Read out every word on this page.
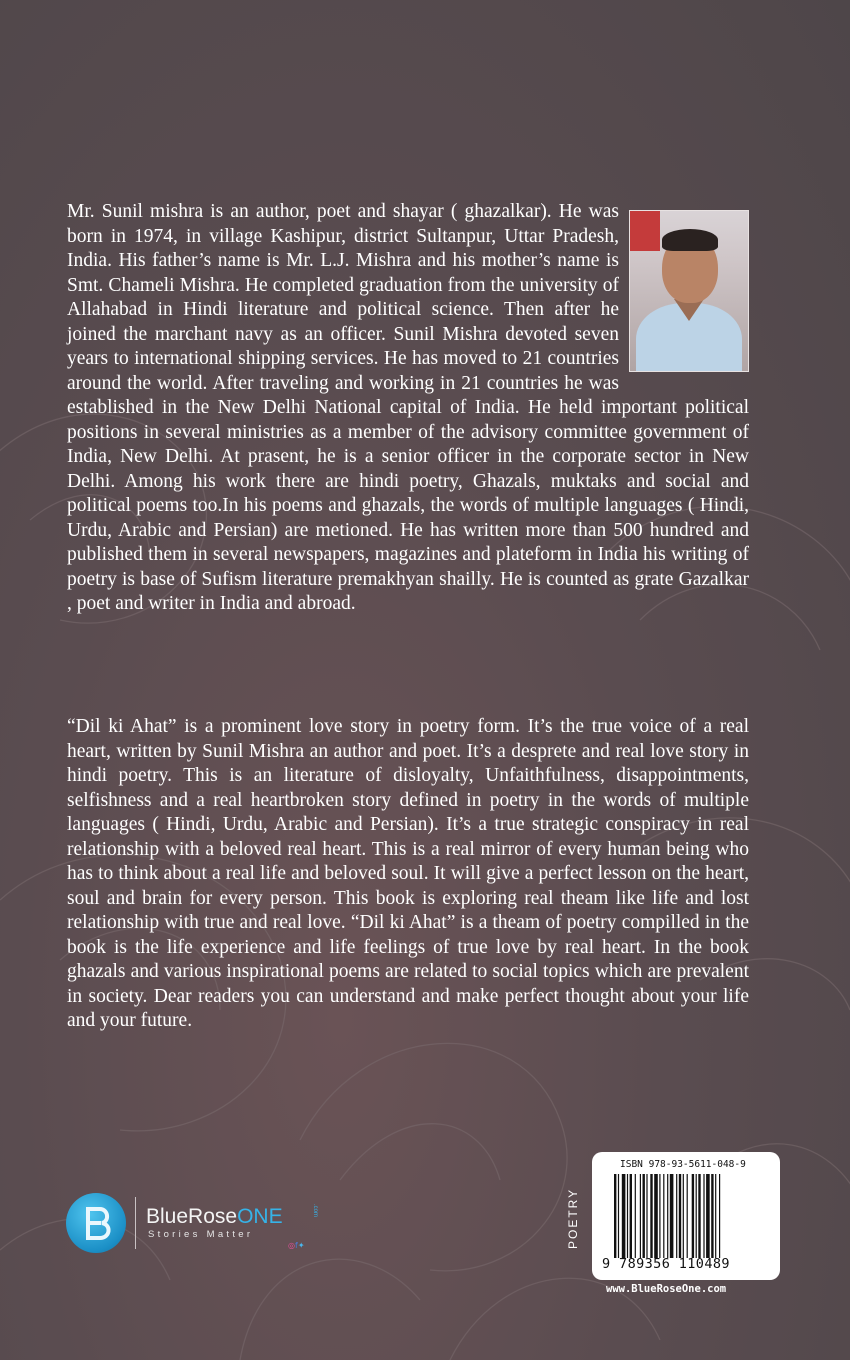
Mr. Sunil mishra is an author, poet and shayar ( ghazalkar). He was born in 1974, in village Kashipur, district Sultanpur, Uttar Pradesh, India. His father’s name is Mr. L.J. Mishra and his mother’s name is Smt. Chameli Mishra. He completed graduation from the university of Allahabad in Hindi literature and political science. Then after he joined the marchant navy as an officer. Sunil Mishra devoted seven years to international shipping services. He has moved to 21 countries around the world. After traveling and working in 21 countries he was established in the New Delhi National capital of India. He held important political positions in several ministries as a member of the advisory committee government of India, New Delhi. At prasent, he is a senior officer in the corporate sector in New Delhi. Among his work there are hindi poetry, Ghazals, muktaks and social and political poems too.In his poems and ghazals, the words of multiple languages ( Hindi, Urdu, Arabic and Persian) are metioned. He has written more than 500 hundred and published them in several newspapers, magazines and plateform in India his writing of poetry is base of Sufism literature premakhyan shailly. He is counted as grate Gazalkar , poet and writer in India and abroad.

“Dil ki Ahat” is a prominent love story in poetry form. It’s the true voice of a real heart, written by Sunil Mishra an author and poet. It’s a desprete and real love story in hindi poetry. This is an literature of disloyalty, Unfaithfulness, disappointments, selfishness and a real heartbroken story defined in poetry in the words of multiple languages ( Hindi, Urdu, Arabic and Persian). It’s a true strategic conspiracy in real relationship with a beloved real heart. This is a real mirror of every human being who has to think about a real life and beloved soul. It will give a perfect lesson on the heart, soul and brain for every person. This book is exploring real theam like life and lost relationship with true and real love. “Dil ki Ahat” is a theam of poetry compilled in the book is the life experience and life feelings of true love by real heart. In the book ghazals and various inspirational poems are related to social topics which are prevalent in society. Dear readers you can understand and make perfect thought about your life and your future.

BlueRoseONE	.com
Stories Matter
◎f✦	POETRY
ISBN 978-93-5611-048-9
9 789356 110489
www.BlueRoseOne.com
